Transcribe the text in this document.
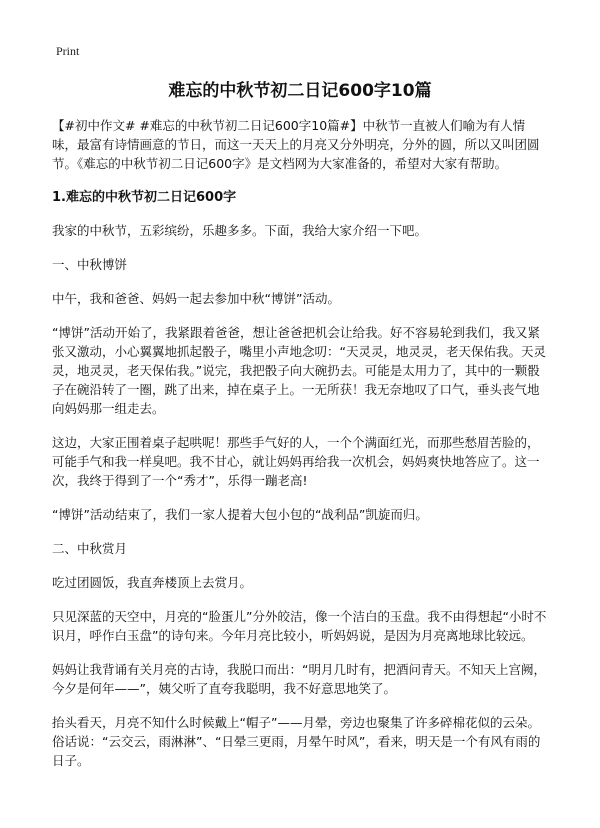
Print
难忘的中秋节初二日记600字10篇
【#初中作文# #难忘的中秋节初二日记600字10篇#】中秋节一直被人们喻为有人情味，最富有诗情画意的节日，而这一天天上的月亮又分外明亮，分外的圆，所以又叫团圆节。《难忘的中秋节初二日记600字》是文档网为大家准备的，希望对大家有帮助。
1.难忘的中秋节初二日记600字
我家的中秋节，五彩缤纷，乐趣多多。下面，我给大家介绍一下吧。
一、中秋博饼
中午，我和爸爸、妈妈一起去参加中秋“博饼”活动。
“博饼”活动开始了，我紧跟着爸爸，想让爸爸把机会让给我。好不容易轮到我们，我又紧张又激动，小心翼翼地抓起骰子，嘴里小声地念叨：“天灵灵，地灵灵，老天保佑我。天灵灵，地灵灵，老天保佑我。”说完，我把骰子向大碗扔去。可能是太用力了，其中的一颗骰子在碗沿转了一圈，跳了出来，掉在桌子上。一无所获！我无奈地叹了口气，垂头丧气地向妈妈那一组走去。
这边，大家正围着桌子起哄呢！那些手气好的人，一个个满面红光，而那些愁眉苦脸的，可能手气和我一样臭吧。我不甘心，就让妈妈再给我一次机会，妈妈爽快地答应了。这一次，我终于得到了一个“秀才”，乐得一蹦老高!
“博饼”活动结束了，我们一家人提着大包小包的“战利品”凯旋而归。
二、中秋赏月
吃过团圆饭，我直奔楼顶上去赏月。
只见深蓝的天空中，月亮的“脸蛋儿”分外皎洁，像一个洁白的玉盘。我不由得想起“小时不识月，呼作白玉盘”的诗句来。今年月亮比较小，听妈妈说，是因为月亮离地球比较远。
妈妈让我背诵有关月亮的古诗，我脱口而出：“明月几时有，把酒问青天。不知天上宫阙，今夕是何年——”，姨父听了直夸我聪明，我不好意思地笑了。
抬头看天，月亮不知什么时候戴上“帽子”——月晕，旁边也聚集了许多碎棉花似的云朵。俗话说：“云交云，雨淋淋”、“日晕三更雨，月晕午时风”，看来，明天是一个有风有雨的日子。
